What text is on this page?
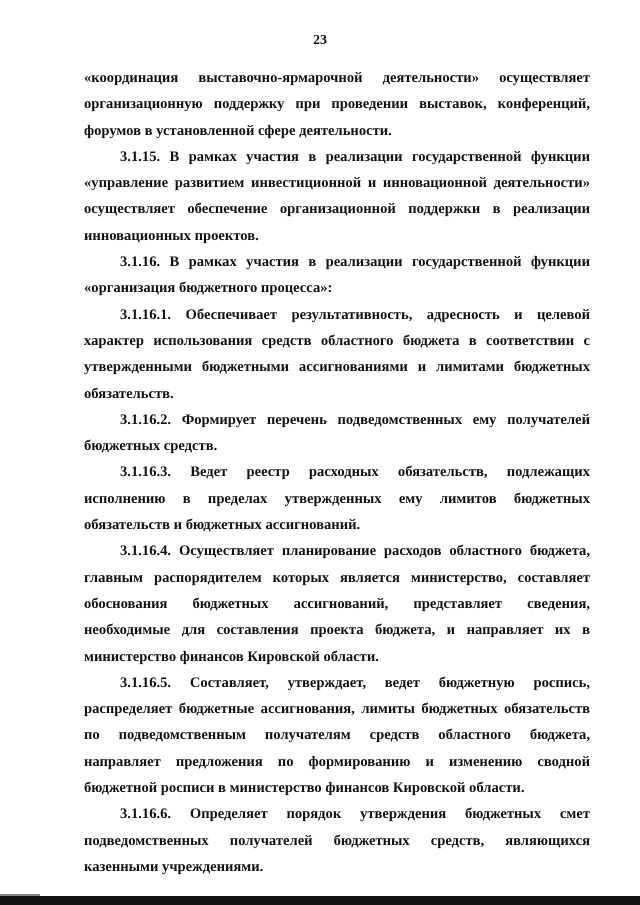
23

«координация выставочно-ярмарочной деятельности» осуществляет организационную поддержку при проведении выставок, конференций, форумов в установленной сфере деятельности.

3.1.15. В рамках участия в реализации государственной функции «управление развитием инвестиционной и инновационной деятельности» осуществляет обеспечение организационной поддержки в реализации инновационных проектов.

3.1.16. В рамках участия в реализации государственной функции «организация бюджетного процесса»:

3.1.16.1. Обеспечивает результативность, адресность и целевой характер использования средств областного бюджета в соответствии с утвержденными бюджетными ассигнованиями и лимитами бюджетных обязательств.

3.1.16.2. Формирует перечень подведомственных ему получателей бюджетных средств.

3.1.16.3. Ведет реестр расходных обязательств, подлежащих исполнению в пределах утвержденных ему лимитов бюджетных обязательств и бюджетных ассигнований.

3.1.16.4. Осуществляет планирование расходов областного бюджета, главным распорядителем которых является министерство, составляет обоснования бюджетных ассигнований, представляет сведения, необходимые для составления проекта бюджета, и направляет их в министерство финансов Кировской области.

3.1.16.5. Составляет, утверждает, ведет бюджетную роспись, распределяет бюджетные ассигнования, лимиты бюджетных обязательств по подведомственным получателям средств областного бюджета, направляет предложения по формированию и изменению сводной бюджетной росписи в министерство финансов Кировской области.

3.1.16.6. Определяет порядок утверждения бюджетных смет подведомственных получателей бюджетных средств, являющихся казенными учреждениями.
